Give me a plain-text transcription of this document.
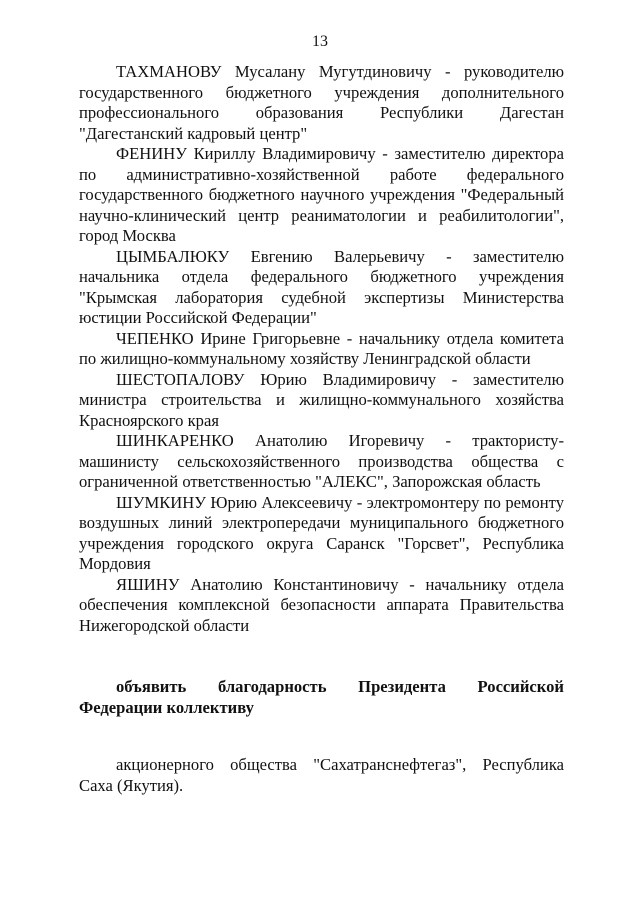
13

ТАХМАНОВУ Мусалану Мугутдиновичу - руководителю государственного бюджетного учреждения дополнительного профессионального образования Республики Дагестан "Дагестанский кадровый центр"

ФЕНИНУ Кириллу Владимировичу - заместителю директора по административно-хозяйственной работе федерального государственного бюджетного научного учреждения "Федеральный научно-клинический центр реаниматологии и реабилитологии", город Москва

ЦЫМБАЛЮКУ Евгению Валерьевичу - заместителю начальника отдела федерального бюджетного учреждения "Крымская лаборатория судебной экспертизы Министерства юстиции Российской Федерации"

ЧЕПЕНКО Ирине Григорьевне - начальнику отдела комитета по жилищно-коммунальному хозяйству Ленинградской области

ШЕСТОПАЛОВУ Юрию Владимировичу - заместителю министра строительства и жилищно-коммунального хозяйства Красноярского края

ШИНКАРЕНКО Анатолию Игоревичу - трактористу-машинисту сельскохозяйственного производства общества с ограниченной ответственностью "АЛЕКС", Запорожская область

ШУМКИНУ Юрию Алексеевичу - электромонтеру по ремонту воздушных линий электропередачи муниципального бюджетного учреждения городского округа Саранск "Горсвет", Республика Мордовия

ЯШИНУ Анатолию Константиновичу - начальнику отдела обеспечения комплексной безопасности аппарата Правительства Нижегородской области

объявить благодарность Президента Российской Федерации коллективу

акционерного общества "Сахатранснефтегаз", Республика Саха (Якутия).
